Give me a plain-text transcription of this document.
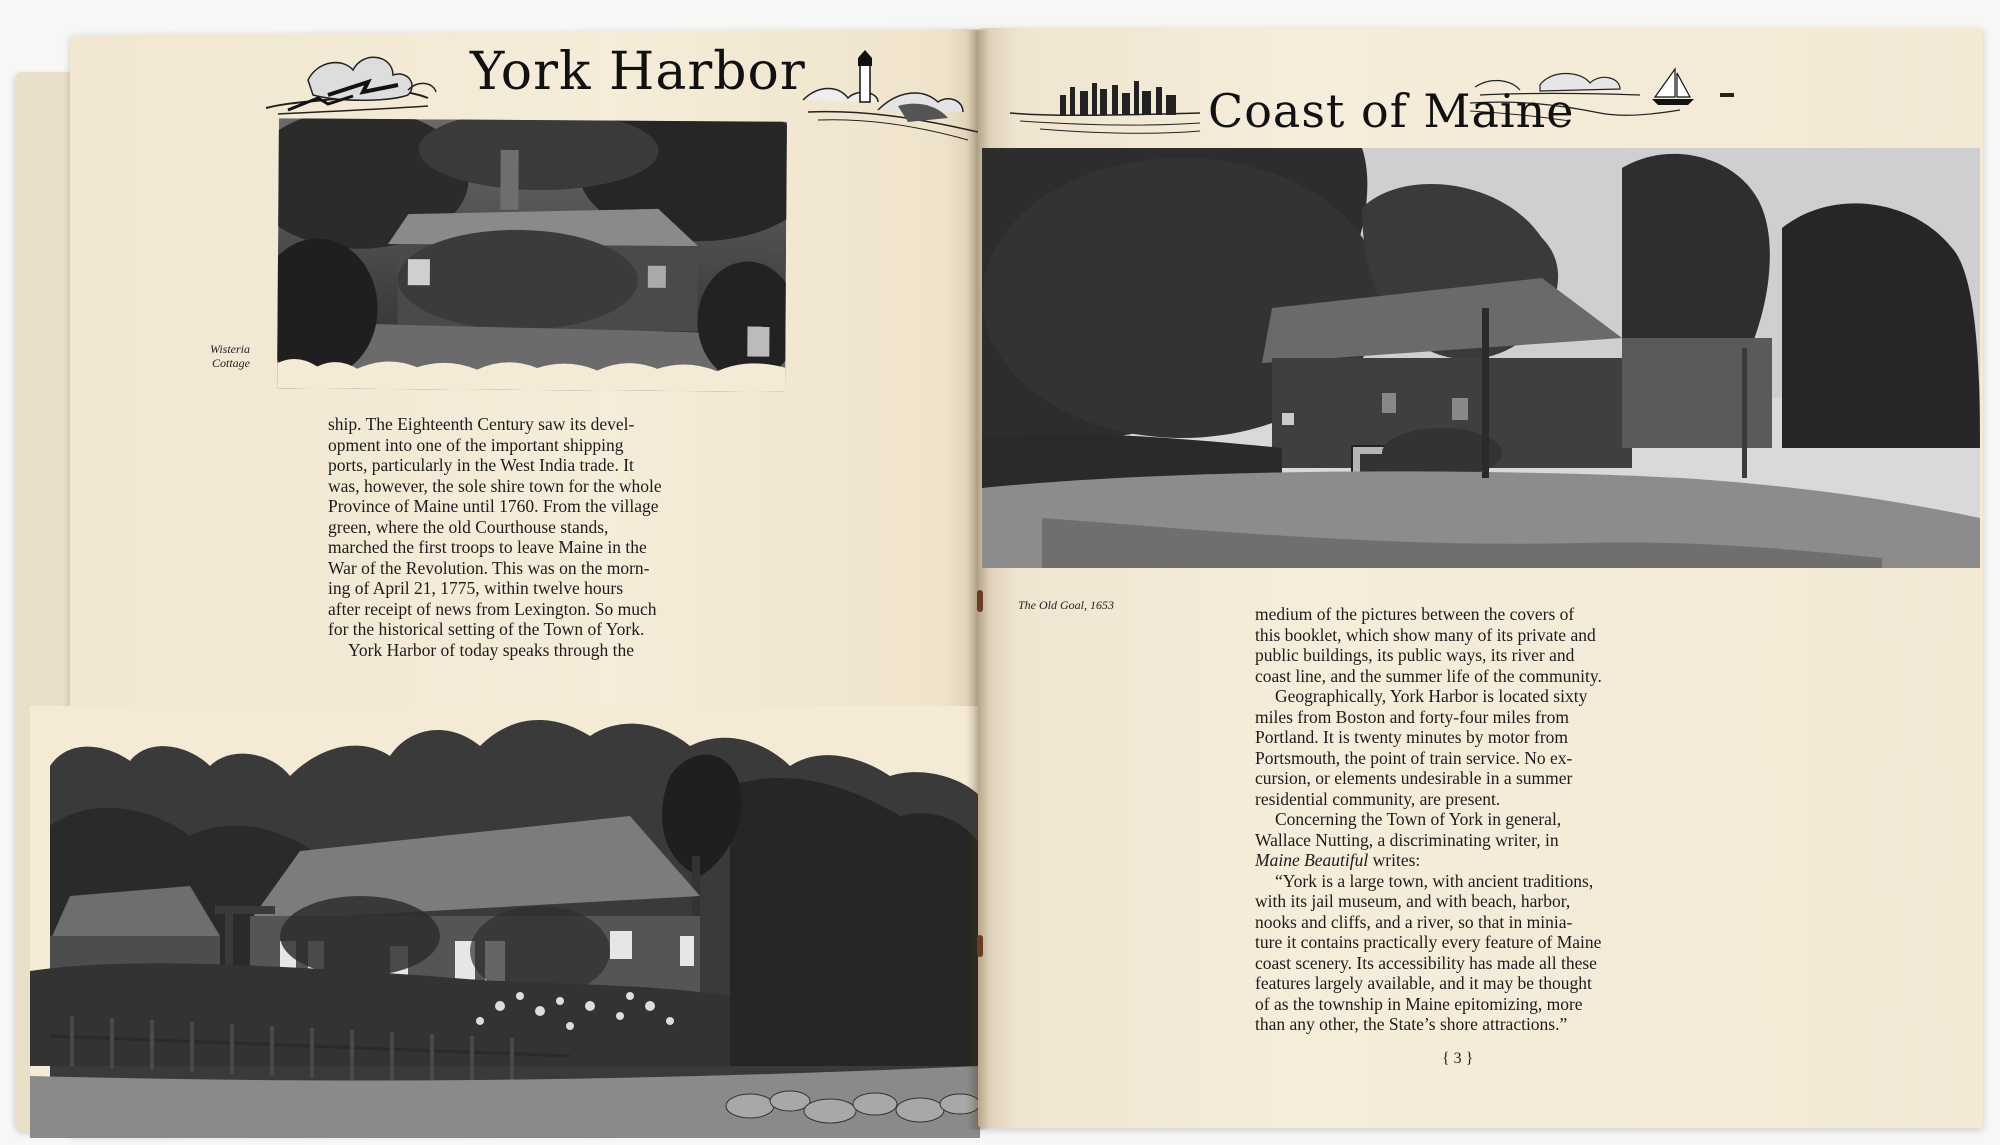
York Harbor
Wisteria
Cottage

ship. The Eighteenth Century saw its devel-

opment into one of the important shipping

ports, particularly in the West India trade. It

was, however, the sole shire town for the whole

Province of Maine until 1760. From the village

green, where the old Courthouse stands,

marched the first troops to leave Maine in the

War of the Revolution. This was on the morn-

ing of April 21, 1775, within twelve hours

after receipt of news from Lexington. So much

for the historical setting of the Town of York.

York Harbor of today speaks through the

Coast of Maine
The Old Goal, 1653	medium of the pictures between the covers of

this booklet, which show many of its private and

public buildings, its public ways, its river and

coast line, and the summer life of the community.

Geographically, York Harbor is located sixty

miles from Boston and forty-four miles from

Portland. It is twenty minutes by motor from

Portsmouth, the point of train service. No ex-

cursion, or elements undesirable in a summer

residential community, are present.

Concerning the Town of York in general,

Wallace Nutting, a discriminating writer, in

Maine Beautiful writes:

“York is a large town, with ancient traditions,

with its jail museum, and with beach, harbor,

nooks and cliffs, and a river, so that in minia-

ture it contains practically every feature of Maine

coast scenery. Its accessibility has made all these

features largely available, and it may be thought

of as the township in Maine epitomizing, more

than any other, the State’s shore attractions.”

{ 3 }
